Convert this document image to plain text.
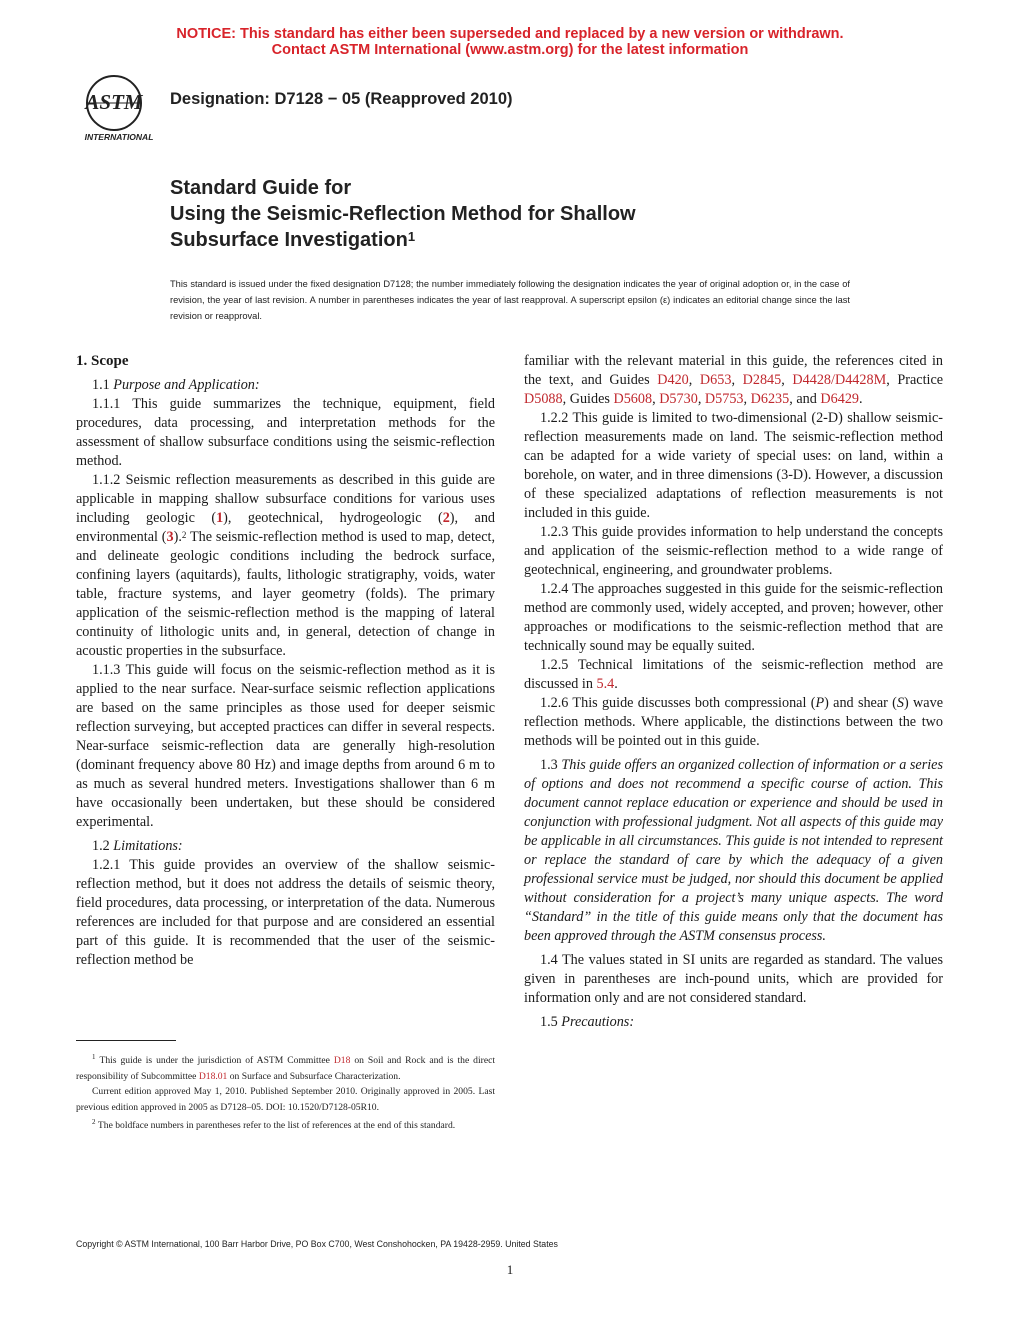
NOTICE: This standard has either been superseded and replaced by a new version or withdrawn.
Contact ASTM International (www.astm.org) for the latest information
ASTM
INTERNATIONAL
Designation: D7128 − 05 (Reapproved 2010)
Standard Guide for
Using the Seismic-Reflection Method for Shallow
Subsurface Investigation$^1$
This standard is issued under the fixed designation D7128; the number immediately following the designation indicates the year of original adoption or, in the case of revision, the year of last revision. A number in parentheses indicates the year of last reapproval. A superscript epsilon (ε) indicates an editorial change since the last revision or reapproval.
1. Scope

1.1 Purpose and Application:

1.1.1 This guide summarizes the technique, equipment, field procedures, data processing, and interpretation methods for the assessment of shallow subsurface conditions using the seismic-reflection method.

1.1.2 Seismic reflection measurements as described in this guide are applicable in mapping shallow subsurface conditions for various uses including geologic (1), geotechnical, hydrogeologic (2), and environmental (3).$^2$ The seismic-reflection method is used to map, detect, and delineate geologic conditions including the bedrock surface, confining layers (aquitards), faults, lithologic stratigraphy, voids, water table, fracture systems, and layer geometry (folds). The primary application of the seismic-reflection method is the mapping of lateral continuity of lithologic units and, in general, detection of change in acoustic properties in the subsurface.

1.1.3 This guide will focus on the seismic-reflection method as it is applied to the near surface. Near-surface seismic reflection applications are based on the same principles as those used for deeper seismic reflection surveying, but accepted practices can differ in several respects. Near-surface seismic-reflection data are generally high-resolution (dominant frequency above 80 Hz) and image depths from around 6 m to as much as several hundred meters. Investigations shallower than 6 m have occasionally been undertaken, but these should be considered experimental.

1.2 Limitations:

1.2.1 This guide provides an overview of the shallow seismic-reflection method, but it does not address the details of seismic theory, field procedures, data processing, or interpretation of the data. Numerous references are included for that purpose and are considered an essential part of this guide. It is recommended that the user of the seismic-reflection method be

familiar with the relevant material in this guide, the references cited in the text, and Guides D420, D653, D2845, D4428/D4428M, Practice D5088, Guides D5608, D5730, D5753, D6235, and D6429.

1.2.2 This guide is limited to two-dimensional (2-D) shallow seismic-reflection measurements made on land. The seismic-reflection method can be adapted for a wide variety of special uses: on land, within a borehole, on water, and in three dimensions (3-D). However, a discussion of these specialized adaptations of reflection measurements is not included in this guide.

1.2.3 This guide provides information to help understand the concepts and application of the seismic-reflection method to a wide range of geotechnical, engineering, and groundwater problems.

1.2.4 The approaches suggested in this guide for the seismic-reflection method are commonly used, widely accepted, and proven; however, other approaches or modifications to the seismic-reflection method that are technically sound may be equally suited.

1.2.5 Technical limitations of the seismic-reflection method are discussed in 5.4.

1.2.6 This guide discusses both compressional (P) and shear (S) wave reflection methods. Where applicable, the distinctions between the two methods will be pointed out in this guide.

1.3 This guide offers an organized collection of information or a series of options and does not recommend a specific course of action. This document cannot replace education or experience and should be used in conjunction with professional judgment. Not all aspects of this guide may be applicable in all circumstances. This guide is not intended to represent or replace the standard of care by which the adequacy of a given professional service must be judged, nor should this document be applied without consideration for a project’s many unique aspects. The word “Standard” in the title of this guide means only that the document has been approved through the ASTM consensus process.

1.4 The values stated in SI units are regarded as standard. The values given in parentheses are inch-pound units, which are provided for information only and are not considered standard.

1.5 Precautions:

$^1$ This guide is under the jurisdiction of ASTM Committee D18 on Soil and Rock and is the direct responsibility of Subcommittee D18.01 on Surface and Subsurface Characterization.

Current edition approved May 1, 2010. Published September 2010. Originally approved in 2005. Last previous edition approved in 2005 as D7128–05. DOI: 10.1520/D7128-05R10.

$^2$ The boldface numbers in parentheses refer to the list of references at the end of this standard.

Copyright © ASTM International, 100 Barr Harbor Drive, PO Box C700, West Conshohocken, PA 19428-2959. United States
1
